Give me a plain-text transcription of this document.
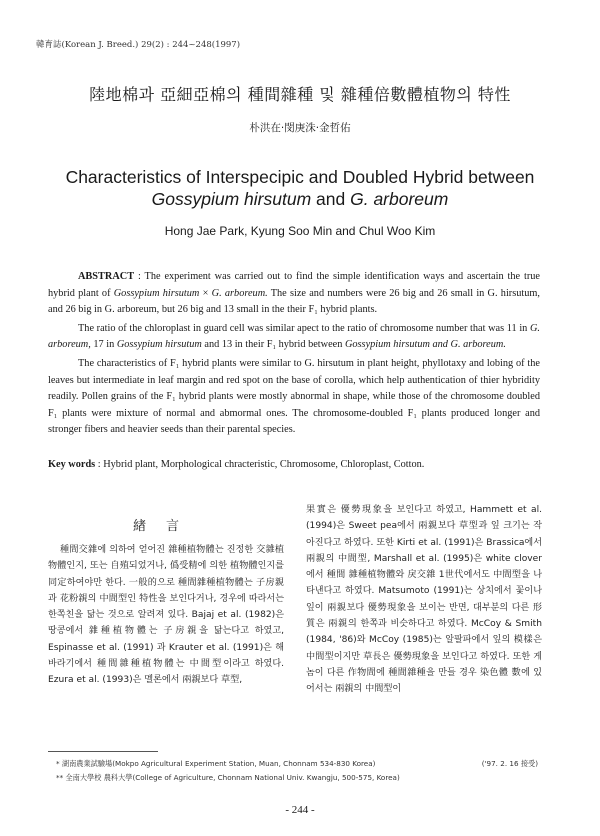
韓育誌(Korean J. Breed.) 29(2) : 244~248(1997)
陸地棉과 亞細亞棉의 種間雜種 및 雜種倍數體植物의 特性
朴洪在·閔庚洙·金哲佑
Characteristics of Interspecipic and Doubled Hybrid between
Gossypium hirsutum and G. arboreum
Hong Jae Park, Kyung Soo Min and Chul Woo Kim

ABSTRACT : The experiment was carried out to find the simple identification ways and ascertain the true hybrid plant of Gossypium hirsutum × G. arboreum. The size and numbers were 26 big and 26 small in G. hirsutum, and 26 big in G. arboreum, but 26 big and 13 small in the their F₁ hybrid plants.

The ratio of the chloroplast in guard cell was similar apect to the ratio of chromosome number that was 11 in G. arboreum, 17 in Gossypium hirsutum and 13 in their F₁ hybrid between Gossypium hirsutum and G. arboreum.

The characteristics of F₁ hybrid plants were similar to G. hirsutum in plant height, phyllotaxy and lobing of the leaves but intermediate in leaf margin and red spot on the base of corolla, which help authentication of thier hybridity readily. Pollen grains of the F₁ hybrid plants were mostly abnormal in shape, while those of the chromosome doubled F₁ plants were mixture of normal and abmormal ones. The chromosome-doubled F₁ plants produced longer and stronger fibers and heavier seeds than their parental species.

Key words : Hybrid plant, Morphological chracteristic, Chromosome, Chloroplast, Cotton.
緖言

種間交雜에 의하여 얻어진 雜種植物體는 진정한 交雜植物體인지, 또는 自殖되었거나, 僞受精에 의한 植物體인지를 同定하여야만 한다. 一般的으로 種間雜種植物體는 子房親과 花粉親의 中間型인 特性을 보인다거나, 경우에 따라서는 한쪽친을 닮는 것으로 알려져 있다. Bajaj et al. (1982)은 땅콩에서 雜種植物體는 子房親을 닮는다고 하였고, Espinasse et al. (1991) 과 Krauter et al. (1991)은 해바라기에서 種間雜種植物體는 中間型이라고 하였다. Ezura et al. (1993)은 멜론에서 兩親보다 草型,

果實은 優勢現象을 보인다고 하였고, Hammett et al. (1994)은 Sweet pea에서 兩親보다 草型과 잎 크기는 작아진다고 하였다. 또한 Kirti et al. (1991)은 Brassica에서 兩親의 中間型, Marshall et al. (1995)은 white clover에서 種間 雜種植物體와 戾交雜 1世代에서도 中間型을 나타낸다고 하였다. Matsumoto (1991)는 상치에서 꽃이나 잎이 兩親보다 優勢現象을 보이는 반면, 대부분의 다른 形質은 兩親의 한쪽과 비슷하다고 하였다. McCoy & Smith (1984, '86)와 McCoy (1985)는 알팔파에서 잎의 模樣은 中間型이지만 草長은 優勢現象을 보인다고 하였다. 또한 게놈이 다른 作物間에 種間雜種을 만들 경우 染色體 數에 있어서는 兩親의 中間型이

* 湖南農業試驗場(Mokpo Agricultural Experiment Station, Muan, Chonnam 534-830 Korea)
** 全南大學校 農科大學(College of Agriculture, Chonnam National Univ. Kwangju, 500-575, Korea)
('97. 2. 16 接受)
- 244 -
